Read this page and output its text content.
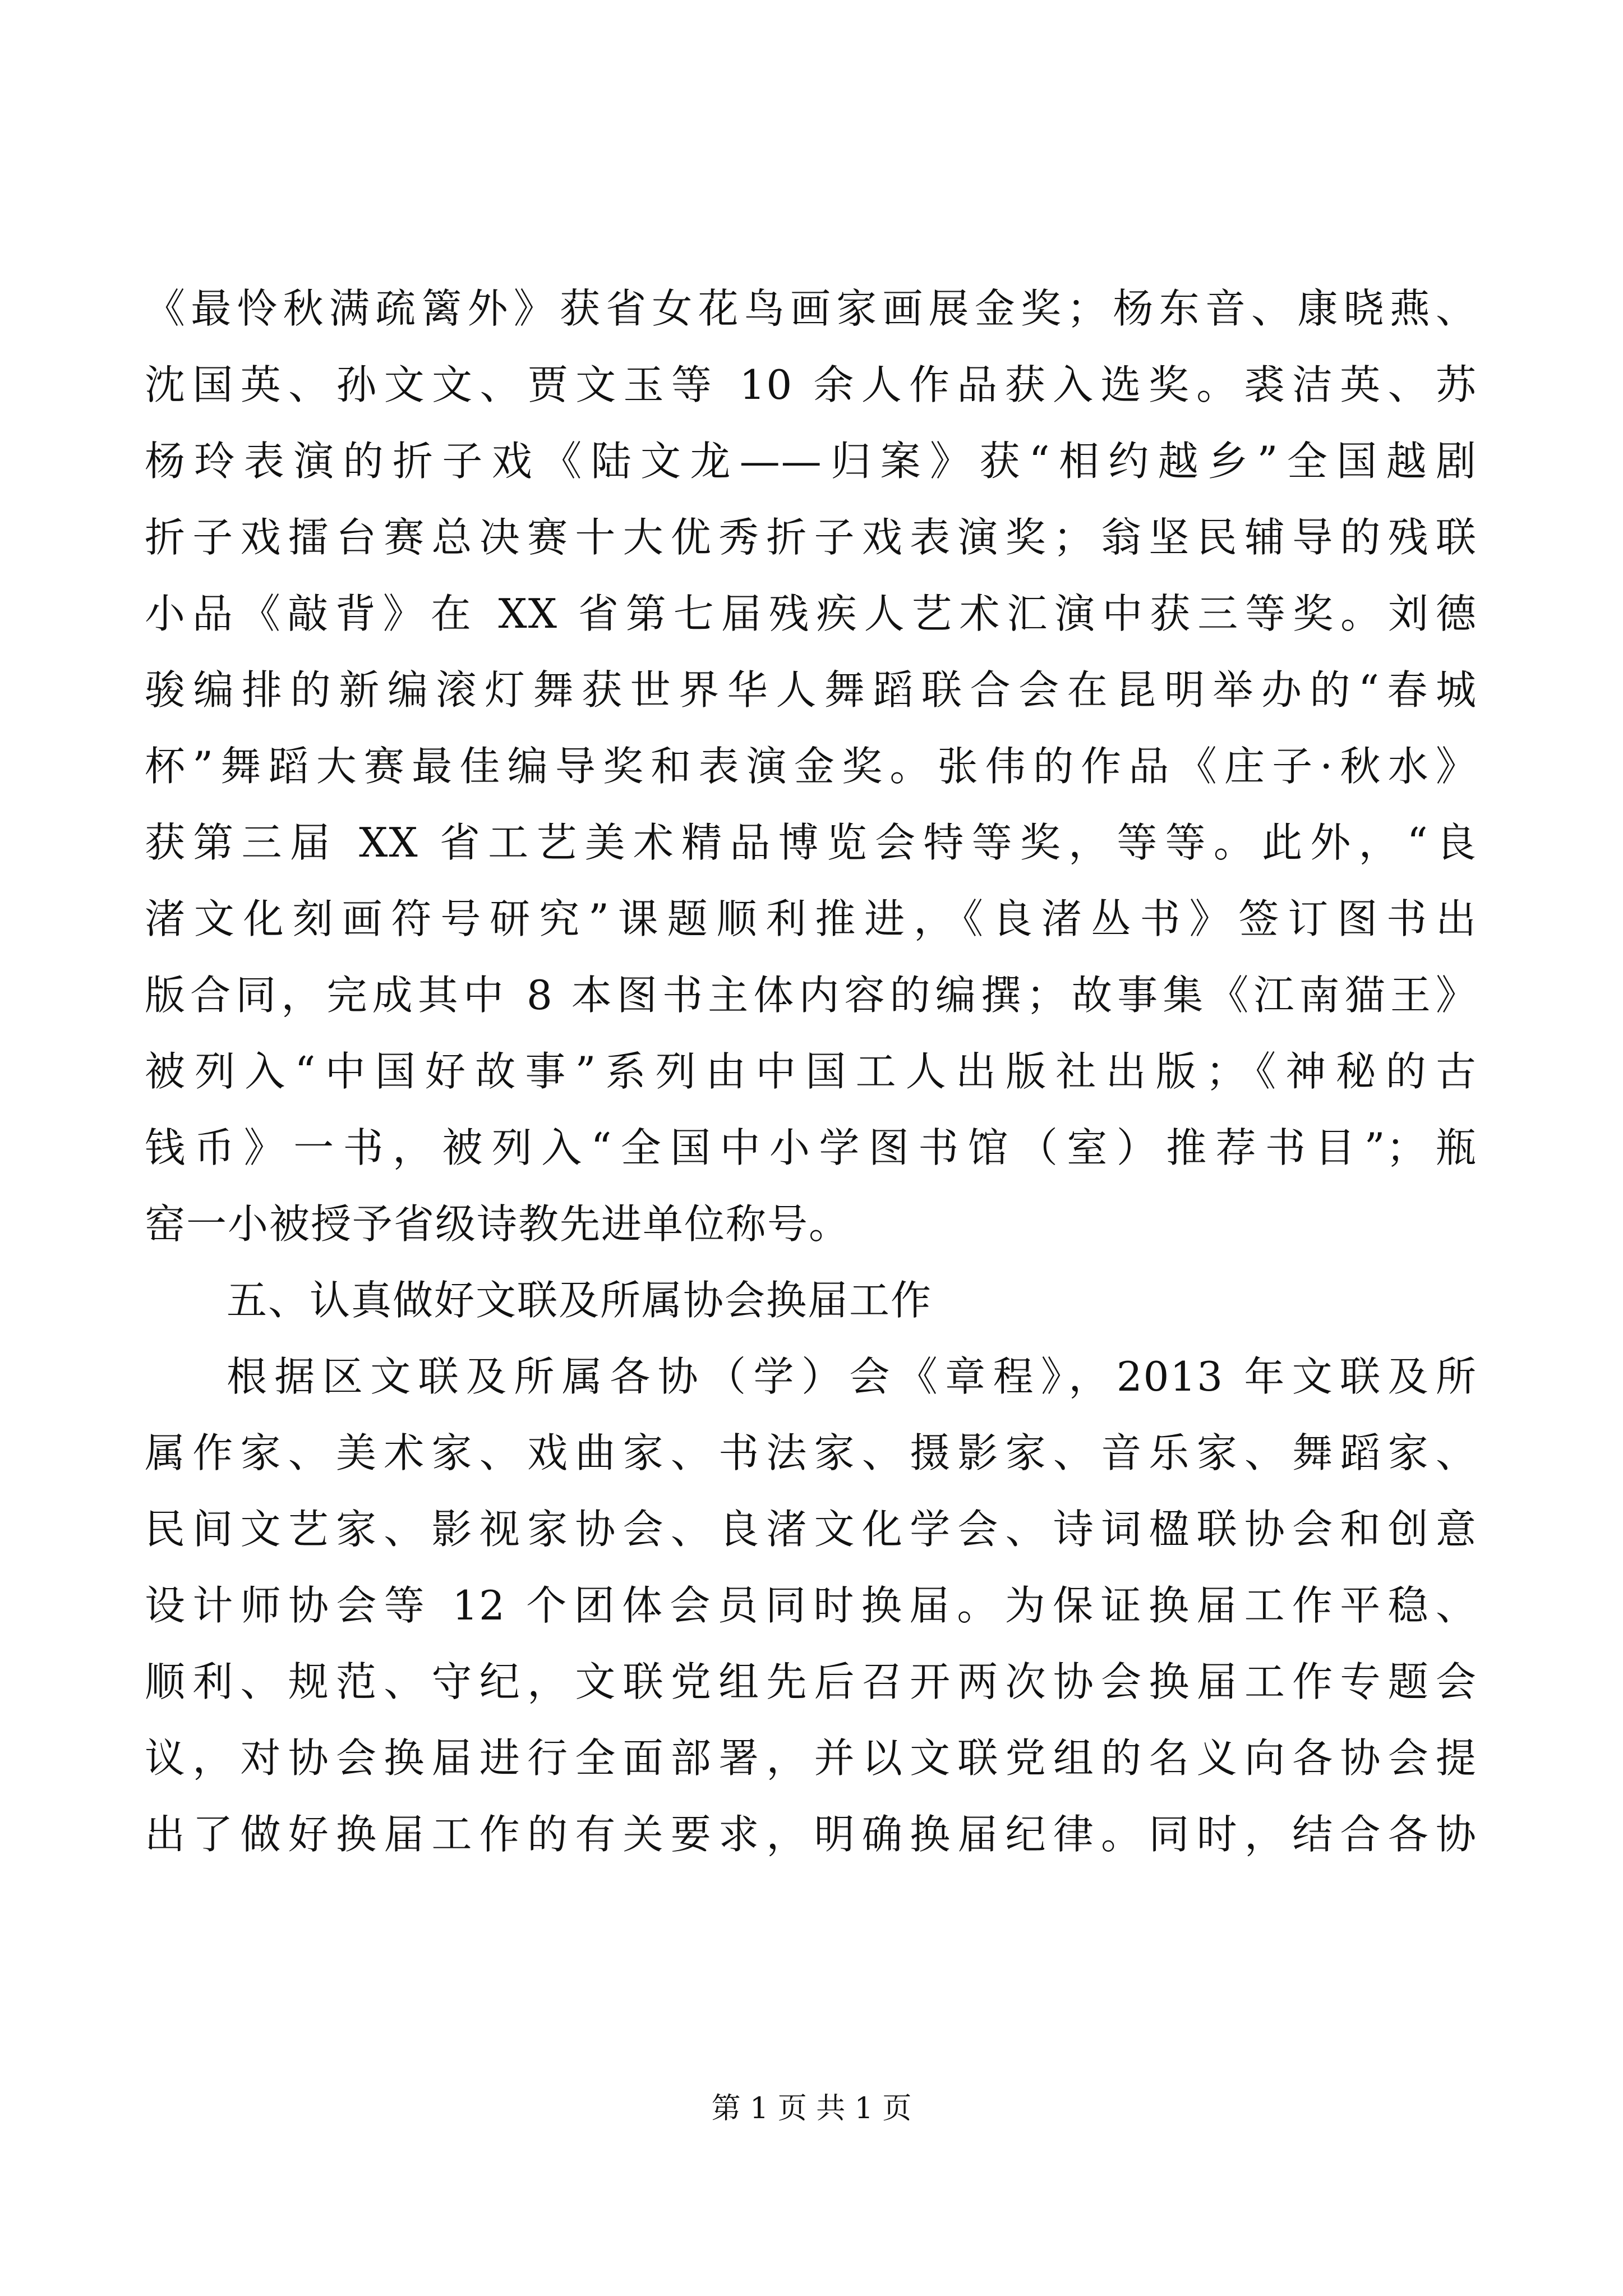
《最怜秋满疏篱外》获省女花鸟画家画展金奖；杨东音、康晓燕、
沈国英、孙文文、贾文玉等 10 余人作品获入选奖。裘洁英、苏
杨玲表演的折子戏《陆文龙——归案》获“相约越乡”全国越剧
折子戏擂台赛总决赛十大优秀折子戏表演奖；翁坚民辅导的残联
小品《敲背》在 XX 省第七届残疾人艺术汇演中获三等奖。刘德
骏编排的新编滚灯舞获世界华人舞蹈联合会在昆明举办的“春城
杯”舞蹈大赛最佳编导奖和表演金奖。张伟的作品《庄子·秋水》
获第三届 XX 省工艺美术精品博览会特等奖，等等。此外，“良
渚文化刻画符号研究”课题顺利推进，《良渚丛书》签订图书出
版合同，完成其中 8 本图书主体内容的编撰；故事集《江南猫王》
被列入“中国好故事”系列由中国工人出版社出版；《神秘的古
钱币》一书，被列入“全国中小学图书馆（室）推荐书目”；瓶
窑一小被授予省级诗教先进单位称号。
五、认真做好文联及所属协会换届工作
根据区文联及所属各协（学）会《章程》，2013 年文联及所
属作家、美术家、戏曲家、书法家、摄影家、音乐家、舞蹈家、
民间文艺家、影视家协会、良渚文化学会、诗词楹联协会和创意
设计师协会等 12 个团体会员同时换届。为保证换届工作平稳、
顺利、规范、守纪，文联党组先后召开两次协会换届工作专题会
议，对协会换届进行全面部署，并以文联党组的名义向各协会提
出了做好换届工作的有关要求，明确换届纪律。同时，结合各协
第 1 页 共 1 页
